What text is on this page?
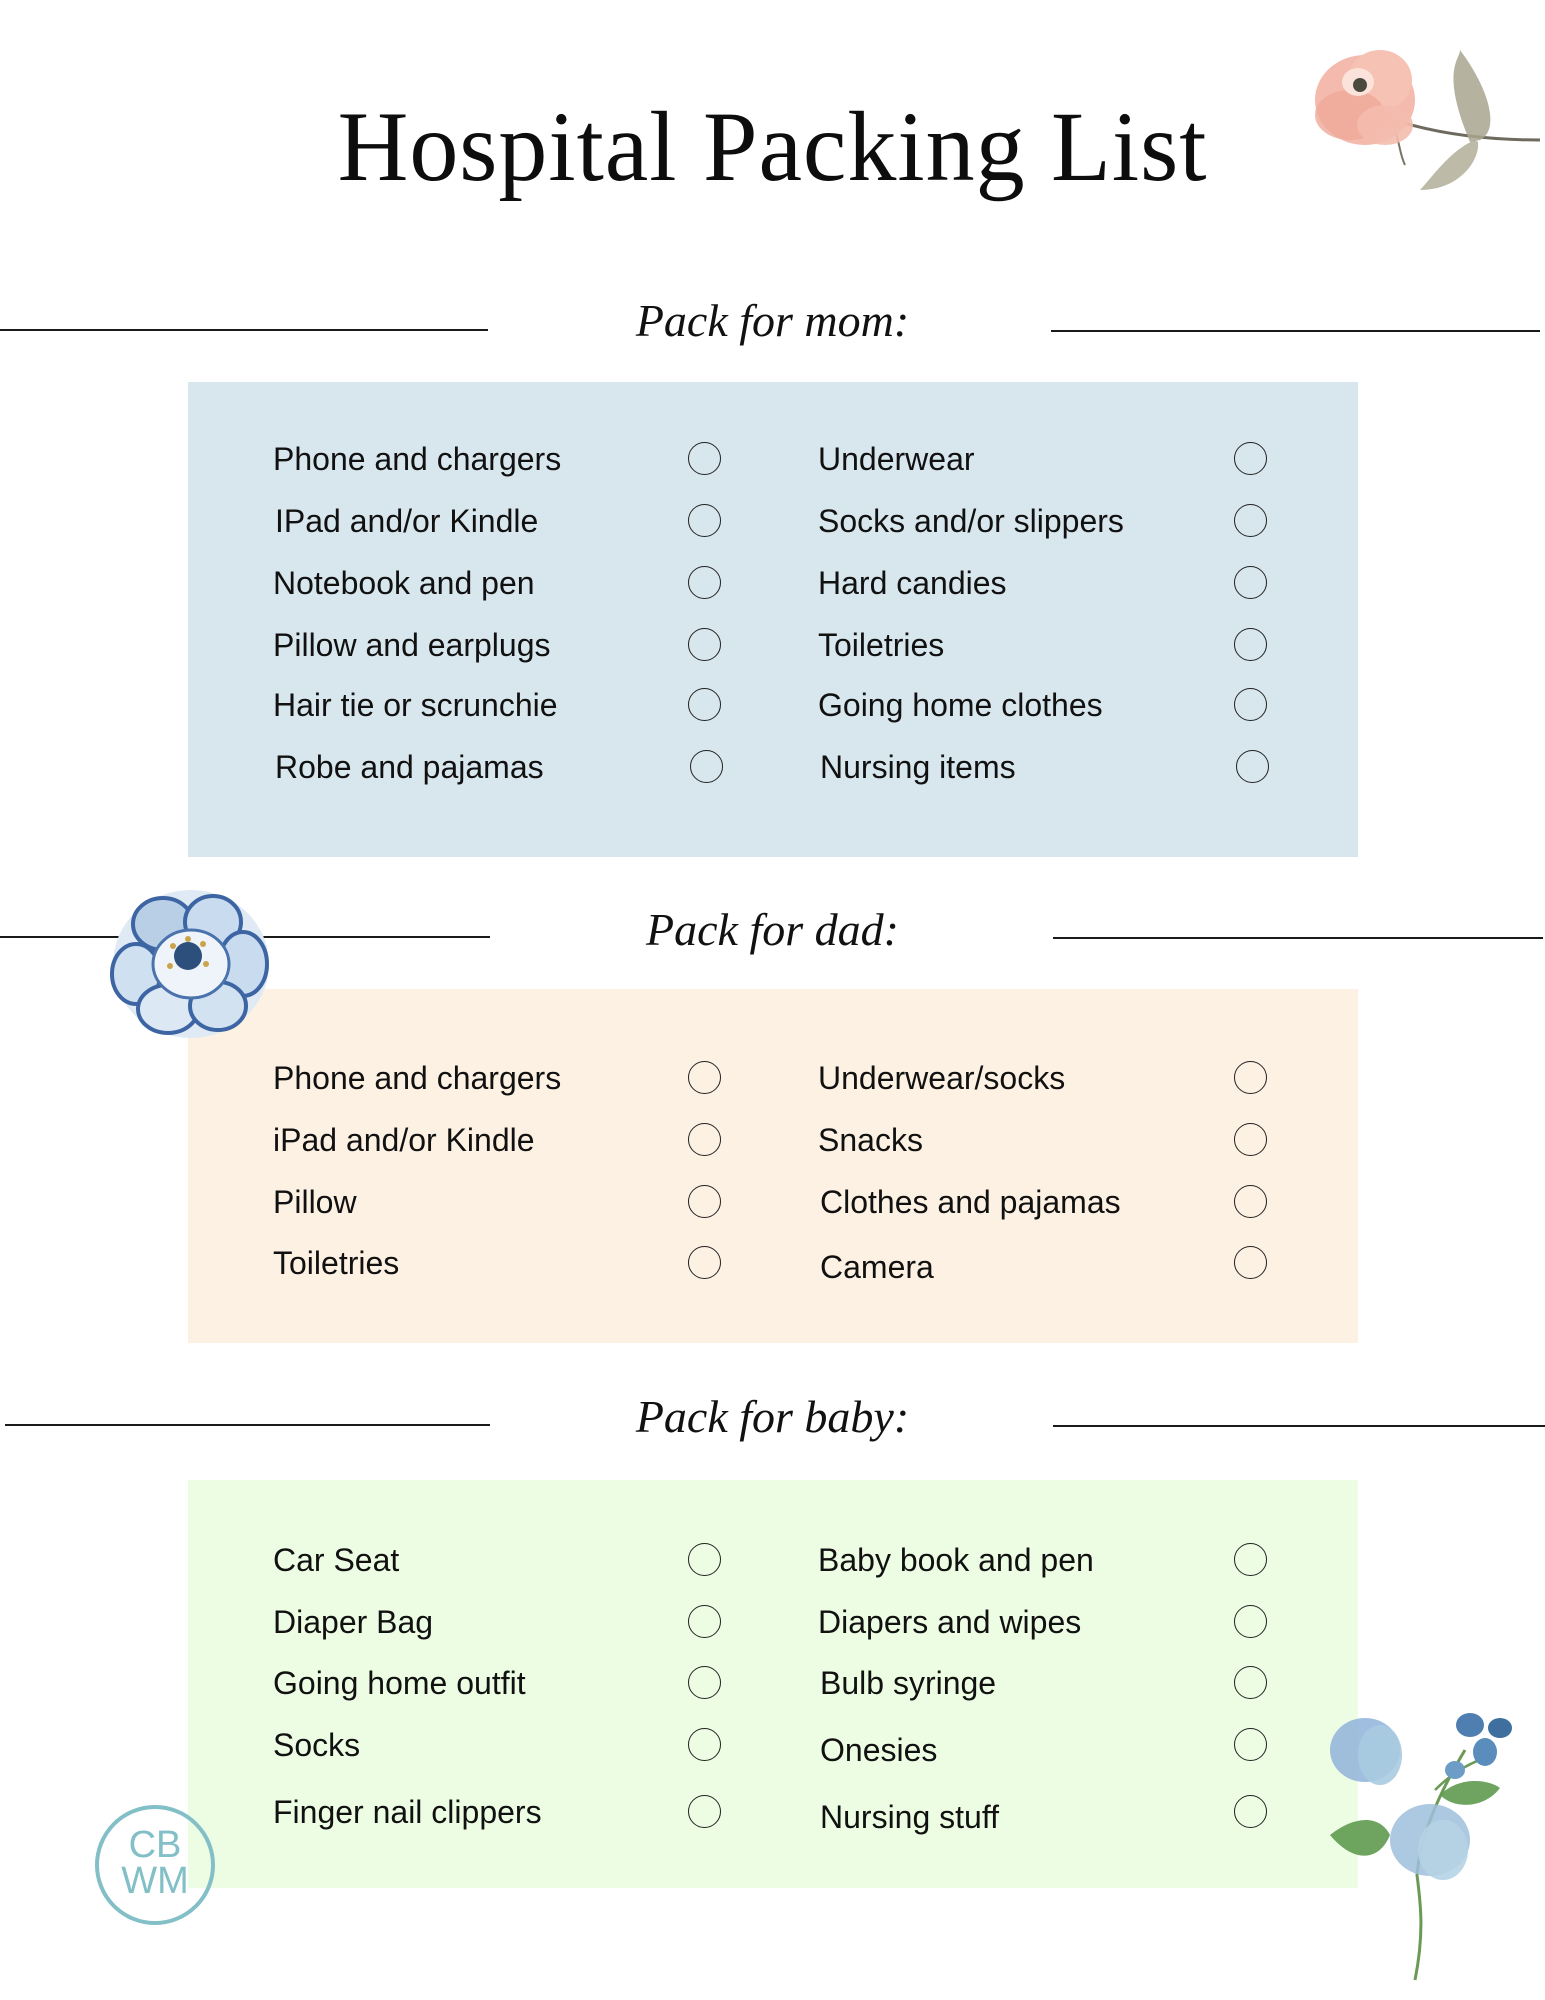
Hospital Packing List
Pack for mom:
Phone and chargers
IPad and/or Kindle
Notebook and pen
Pillow and earplugs
Hair tie or scrunchie
Robe and pajamas
Underwear
Socks and/or slippers
Hard candies
Toiletries
Going home clothes
Nursing items
Pack for dad:
Phone and chargers
iPad and/or Kindle
Pillow
Toiletries
Underwear/socks
Snacks
Clothes and pajamas
Camera
Pack for baby:
Car Seat
Diaper Bag
Going home outfit
Socks
Finger nail clippers
Baby book and pen
Diapers and wipes
Bulb syringe
Onesies
Nursing stuff
CB
WM
